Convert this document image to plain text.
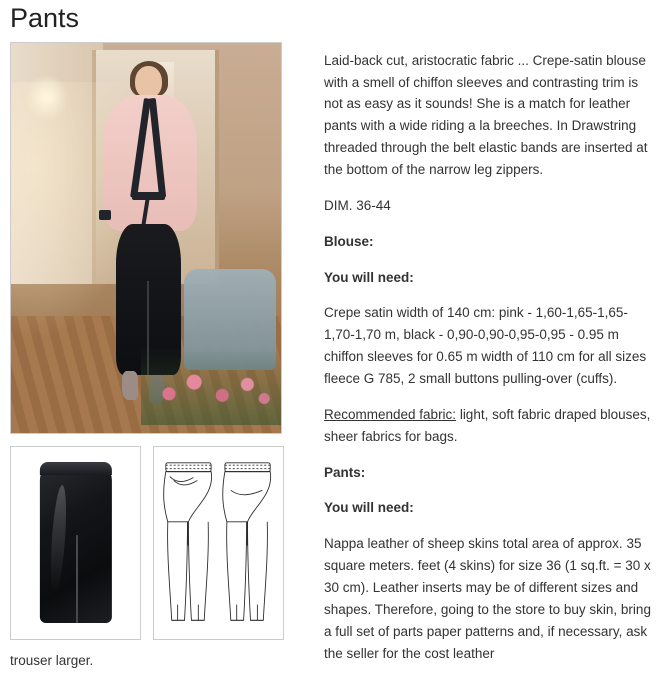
Pants
trouser larger.

Laid-back cut, aristocratic fabric ... Crepe-satin blouse with a smell of chiffon sleeves and contrasting trim is not as easy as it sounds! She is a match for leather pants with a wide riding a la breeches. In Drawstring threaded through the belt elastic bands are inserted at the bottom of the narrow leg zippers.

DIM. 36-44

Blouse:

You will need:

Crepe satin width of 140 cm: pink - 1,60-1,65-1,65-1,70-1,70 m, black - 0,90-0,90-0,95-0,95 - 0.95 m chiffon sleeves for 0.65 m width of 110 cm for all sizes fleece G 785, 2 small buttons pulling-over (cuffs).

Recommended fabric: light, soft fabric draped blouses, sheer fabrics for bags.

Pants:

You will need:

Nappa leather of sheep skins total area of approx. 35 square meters. feet (4 skins) for size 36 (1 sq.ft. = 30 x 30 cm). Leather inserts may be of different sizes and shapes. Therefore, going to the store to buy skin, bring a full set of parts paper patterns and, if necessary, ask the seller for the cost leather
